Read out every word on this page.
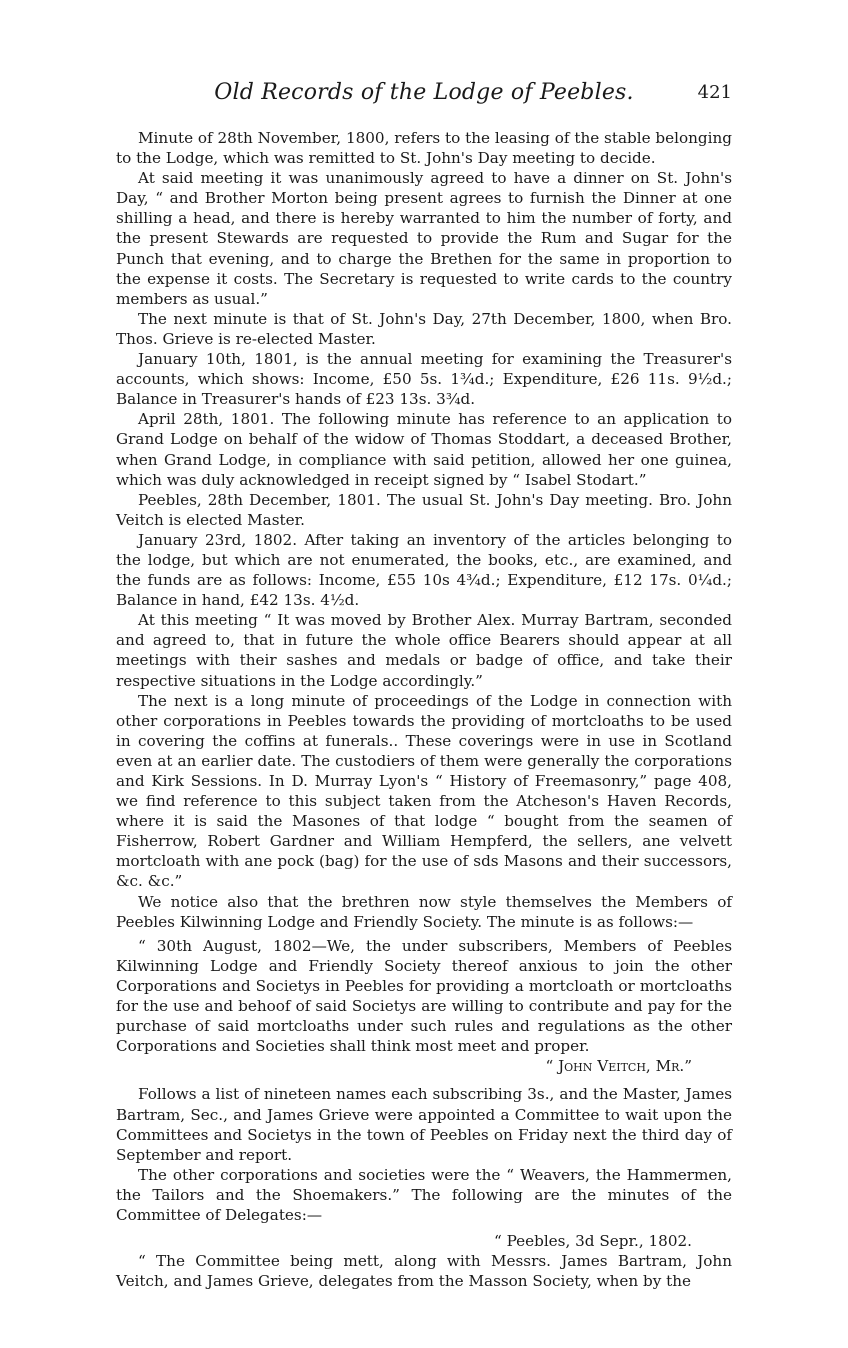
Old Records of the Lodge of Peebles.	421

Minute of 28th November, 1800, refers to the leasing of the stable belonging to the Lodge, which was remitted to St. John's Day meeting to decide.

At said meeting it was unanimously agreed to have a dinner on St. John's Day, “ and Brother Morton being present agrees to furnish the Dinner at one shilling a head, and there is hereby warranted to him the number of forty, and the present Stewards are requested to provide the Rum and Sugar for the Punch that evening, and to charge the Brethen for the same in proportion to the expense it costs. The Secretary is requested to write cards to the country members as usual.”

The next minute is that of St. John's Day, 27th December, 1800, when Bro. Thos. Grieve is re-elected Master.

January 10th, 1801, is the annual meeting for examining the Treasurer's accounts, which shows: Income, £50 5s. 1¾d.; Expenditure, £26 11s. 9½d.; Balance in Treasurer's hands of £23 13s. 3¾d.

April 28th, 1801. The following minute has reference to an application to Grand Lodge on behalf of the widow of Thomas Stoddart, a deceased Brother, when Grand Lodge, in compliance with said petition, allowed her one guinea, which was duly acknowledged in receipt signed by “ Isabel Stodart.”

Peebles, 28th December, 1801. The usual St. John's Day meeting. Bro. John Veitch is elected Master.

January 23rd, 1802. After taking an inventory of the articles belonging to the lodge, but which are not enumerated, the books, etc., are examined, and the funds are as follows: Income, £55 10s 4¾d.; Expenditure, £12 17s. 0¼d.; Balance in hand, £42 13s. 4½d.

At this meeting “ It was moved by Brother Alex. Murray Bartram, seconded and agreed to, that in future the whole office Bearers should appear at all meetings with their sashes and medals or badge of office, and take their respective situations in the Lodge accordingly.”

The next is a long minute of proceedings of the Lodge in connection with other corporations in Peebles towards the providing of mortcloaths to be used in covering the coffins at funerals.. These coverings were in use in Scotland even at an earlier date. The custodiers of them were generally the corporations and Kirk Sessions. In D. Murray Lyon's “ History of Freemasonry,” page 408, we find reference to this subject taken from the Atcheson's Haven Records, where it is said the Masones of that lodge “ bought from the seamen of Fisherrow, Robert Gardner and William Hempferd, the sellers, ane velvett mortcloath with ane pock (bag) for the use of sds Masons and their successors, &c. &c.”

We notice also that the brethren now style themselves the Members of Peebles Kilwinning Lodge and Friendly Society. The minute is as follows:—

“ 30th August, 1802—We, the under subscribers, Members of Peebles Kilwinning Lodge and Friendly Society thereof anxious to join the other Corporations and Societys in Peebles for providing a mortcloath or mortcloaths for the use and behoof of said Societys are willing to contribute and pay for the purchase of said mortcloaths under such rules and regulations as the other Corporations and Societies shall think most meet and proper.

“ John Veitch, Mr.”

Follows a list of nineteen names each subscribing 3s., and the Master, James Bartram, Sec., and James Grieve were appointed a Committee to wait upon the Committees and Societys in the town of Peebles on Friday next the third day of September and report.

The other corporations and societies were the “ Weavers, the Hammermen, the Tailors and the Shoemakers.” The following are the minutes of the Committee of Delegates:—

“ Peebles, 3d Sepr., 1802.

“ The Committee being mett, along with Messrs. James Bartram, John Veitch, and James Grieve, delegates from the Masson Society, when by the
